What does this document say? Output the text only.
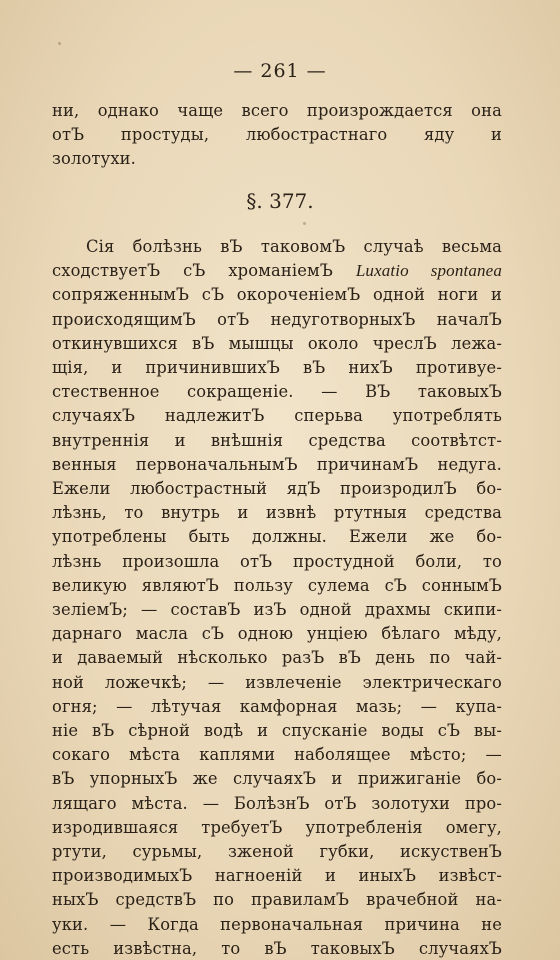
— 261 —
ни, однако чаще всего произрождается она
отЪ простуды, любострастнаго яду и
золотухи.
§. 377.
Сія болѣзнь вЪ таковомЪ случаѣ весьма
сходствуетЪ сЪ хроманіемЪ Luxatio spontanea
сопряженнымЪ сЪ окороченіемЪ одной ноги и
происходящимЪ отЪ недуготворныхЪ началЪ
откинувшихся вЪ мышцы около чреслЪ лежа-
щія, и причинившихЪ вЪ нихЪ противуе-
стественное сокращеніе. — ВЪ таковыхЪ
случаяхЪ надлежитЪ сперьва употреблять
внутреннія и внѣшнія средства соотвѣтст-
венныя первоначальнымЪ причинамЪ недуга.
Ежели любострастный ядЪ произродилЪ бо-
лѣзнь, то внутрь и извнѣ ртутныя средства
употреблены быть должны. Ежели же бо-
лѣзнь произошла отЪ простудной боли, то
великую являютЪ пользу сулема сЪ соннымЪ
зеліемЪ; — составЪ изЪ одной драхмы скипи-
дарнаго масла сЪ одною унціею бѣлаго мѣду,
и даваемый нѣсколько разЪ вЪ день по чай-
ной ложечкѣ; — извлеченіе электрическаго
огня; — лѣтучая камфорная мазь; — купа-
ніе вЪ сѣрной водѣ и спусканіе воды сЪ вы-
сокаго мѣста каплями наболящее мѣсто; —
вЪ упорныхЪ же случаяхЪ и прижиганіе бо-
лящаго мѣста. — БолѣзнЪ отЪ золотухи про-
изродившаяся требуетЪ употребленія омегу,
ртути, сурьмы, зженой губки, искуственЪ
производимыхЪ нагноеній и иныхЪ извѣст-
ныхЪ средствЪ по правиламЪ врачебной на-
уки. — Когда первоначальная причина не
есть извѣстна, то вЪ таковыхЪ случаяхЪ
